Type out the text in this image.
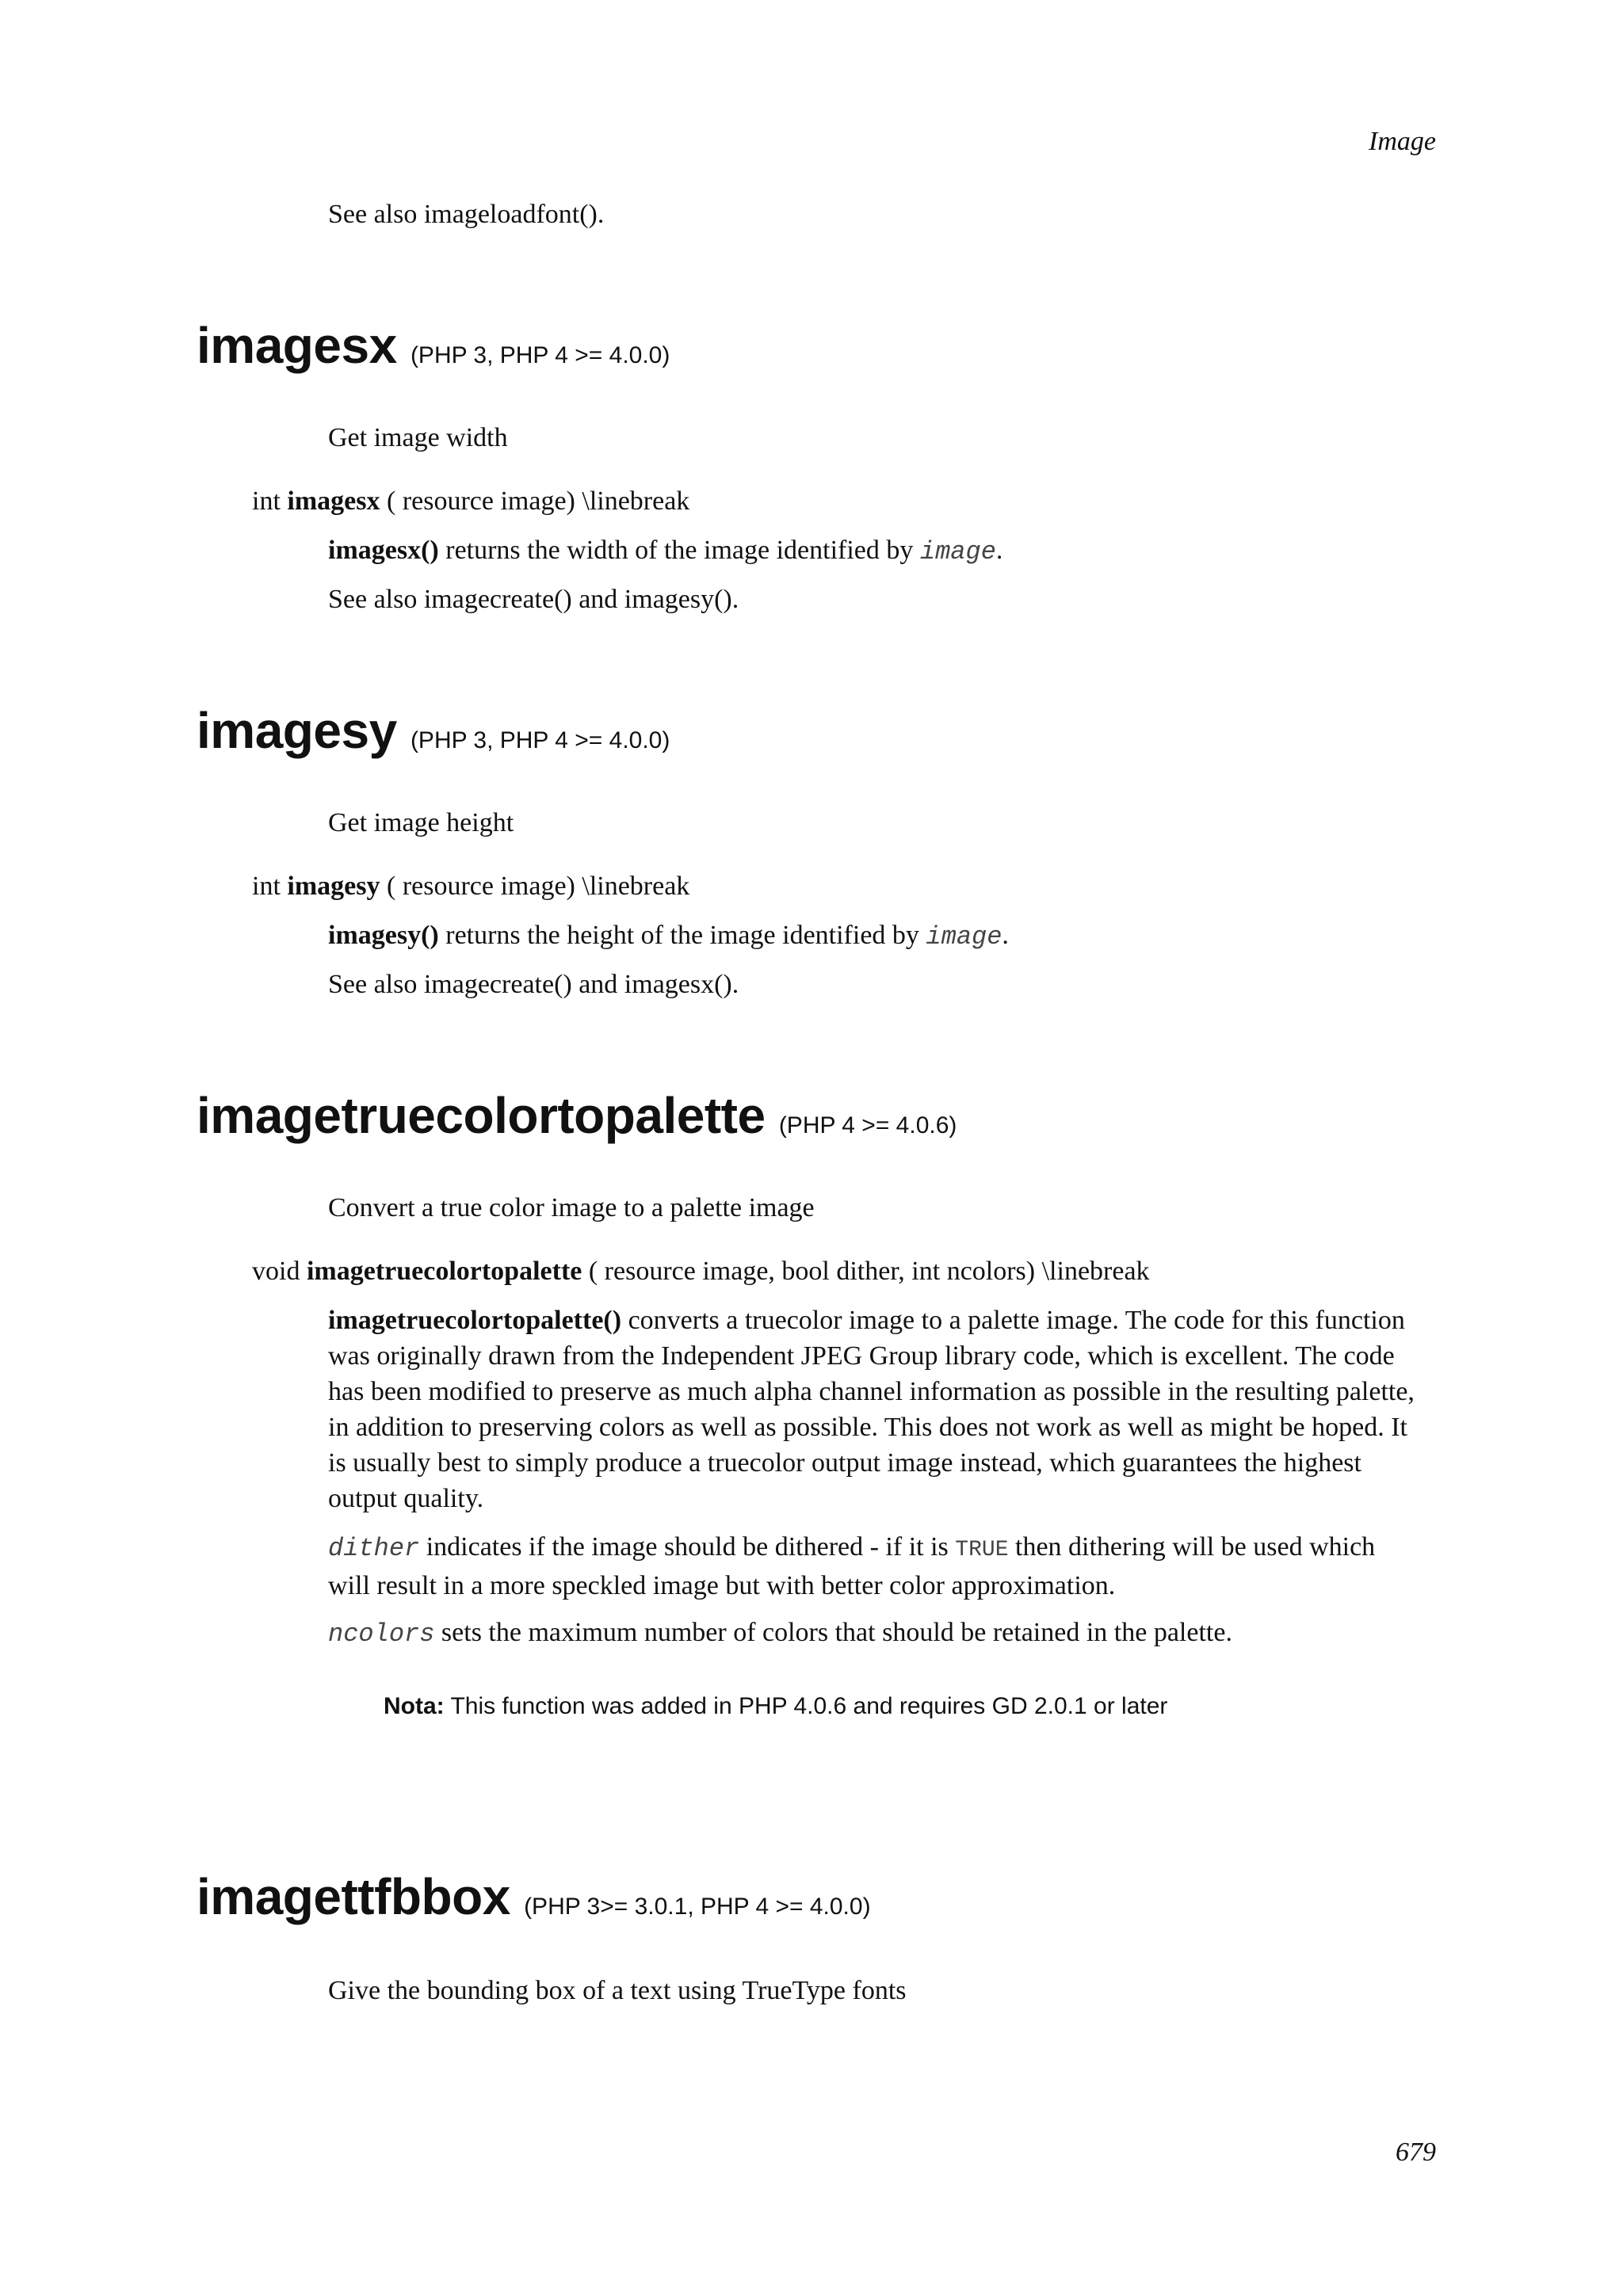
Image
See also imageloadfont().
imagesx (PHP 3, PHP 4 >= 4.0.0)
Get image width
int imagesx ( resource image) \linebreak
imagesx() returns the width of the image identified by image.
See also imagecreate() and imagesy().
imagesy (PHP 3, PHP 4 >= 4.0.0)
Get image height
int imagesy ( resource image) \linebreak
imagesy() returns the height of the image identified by image.
See also imagecreate() and imagesx().
imagetruecolortopalette (PHP 4 >= 4.0.6)
Convert a true color image to a palette image
void imagetruecolortopalette ( resource image, bool dither, int ncolors) \linebreak
imagetruecolortopalette() converts a truecolor image to a palette image. The code for this function
was originally drawn from the Independent JPEG Group library code, which is excellent. The code
has been modified to preserve as much alpha channel information as possible in the resulting palette,
in addition to preserving colors as well as possible. This does not work as well as might be hoped. It
is usually best to simply produce a truecolor output image instead, which guarantees the highest
output quality.
dither indicates if the image should be dithered - if it is TRUE then dithering will be used which
will result in a more speckled image but with better color approximation.
ncolors sets the maximum number of colors that should be retained in the palette.
Nota: This function was added in PHP 4.0.6 and requires GD 2.0.1 or later
imagettfbbox (PHP 3>= 3.0.1, PHP 4 >= 4.0.0)
Give the bounding box of a text using TrueType fonts
679
